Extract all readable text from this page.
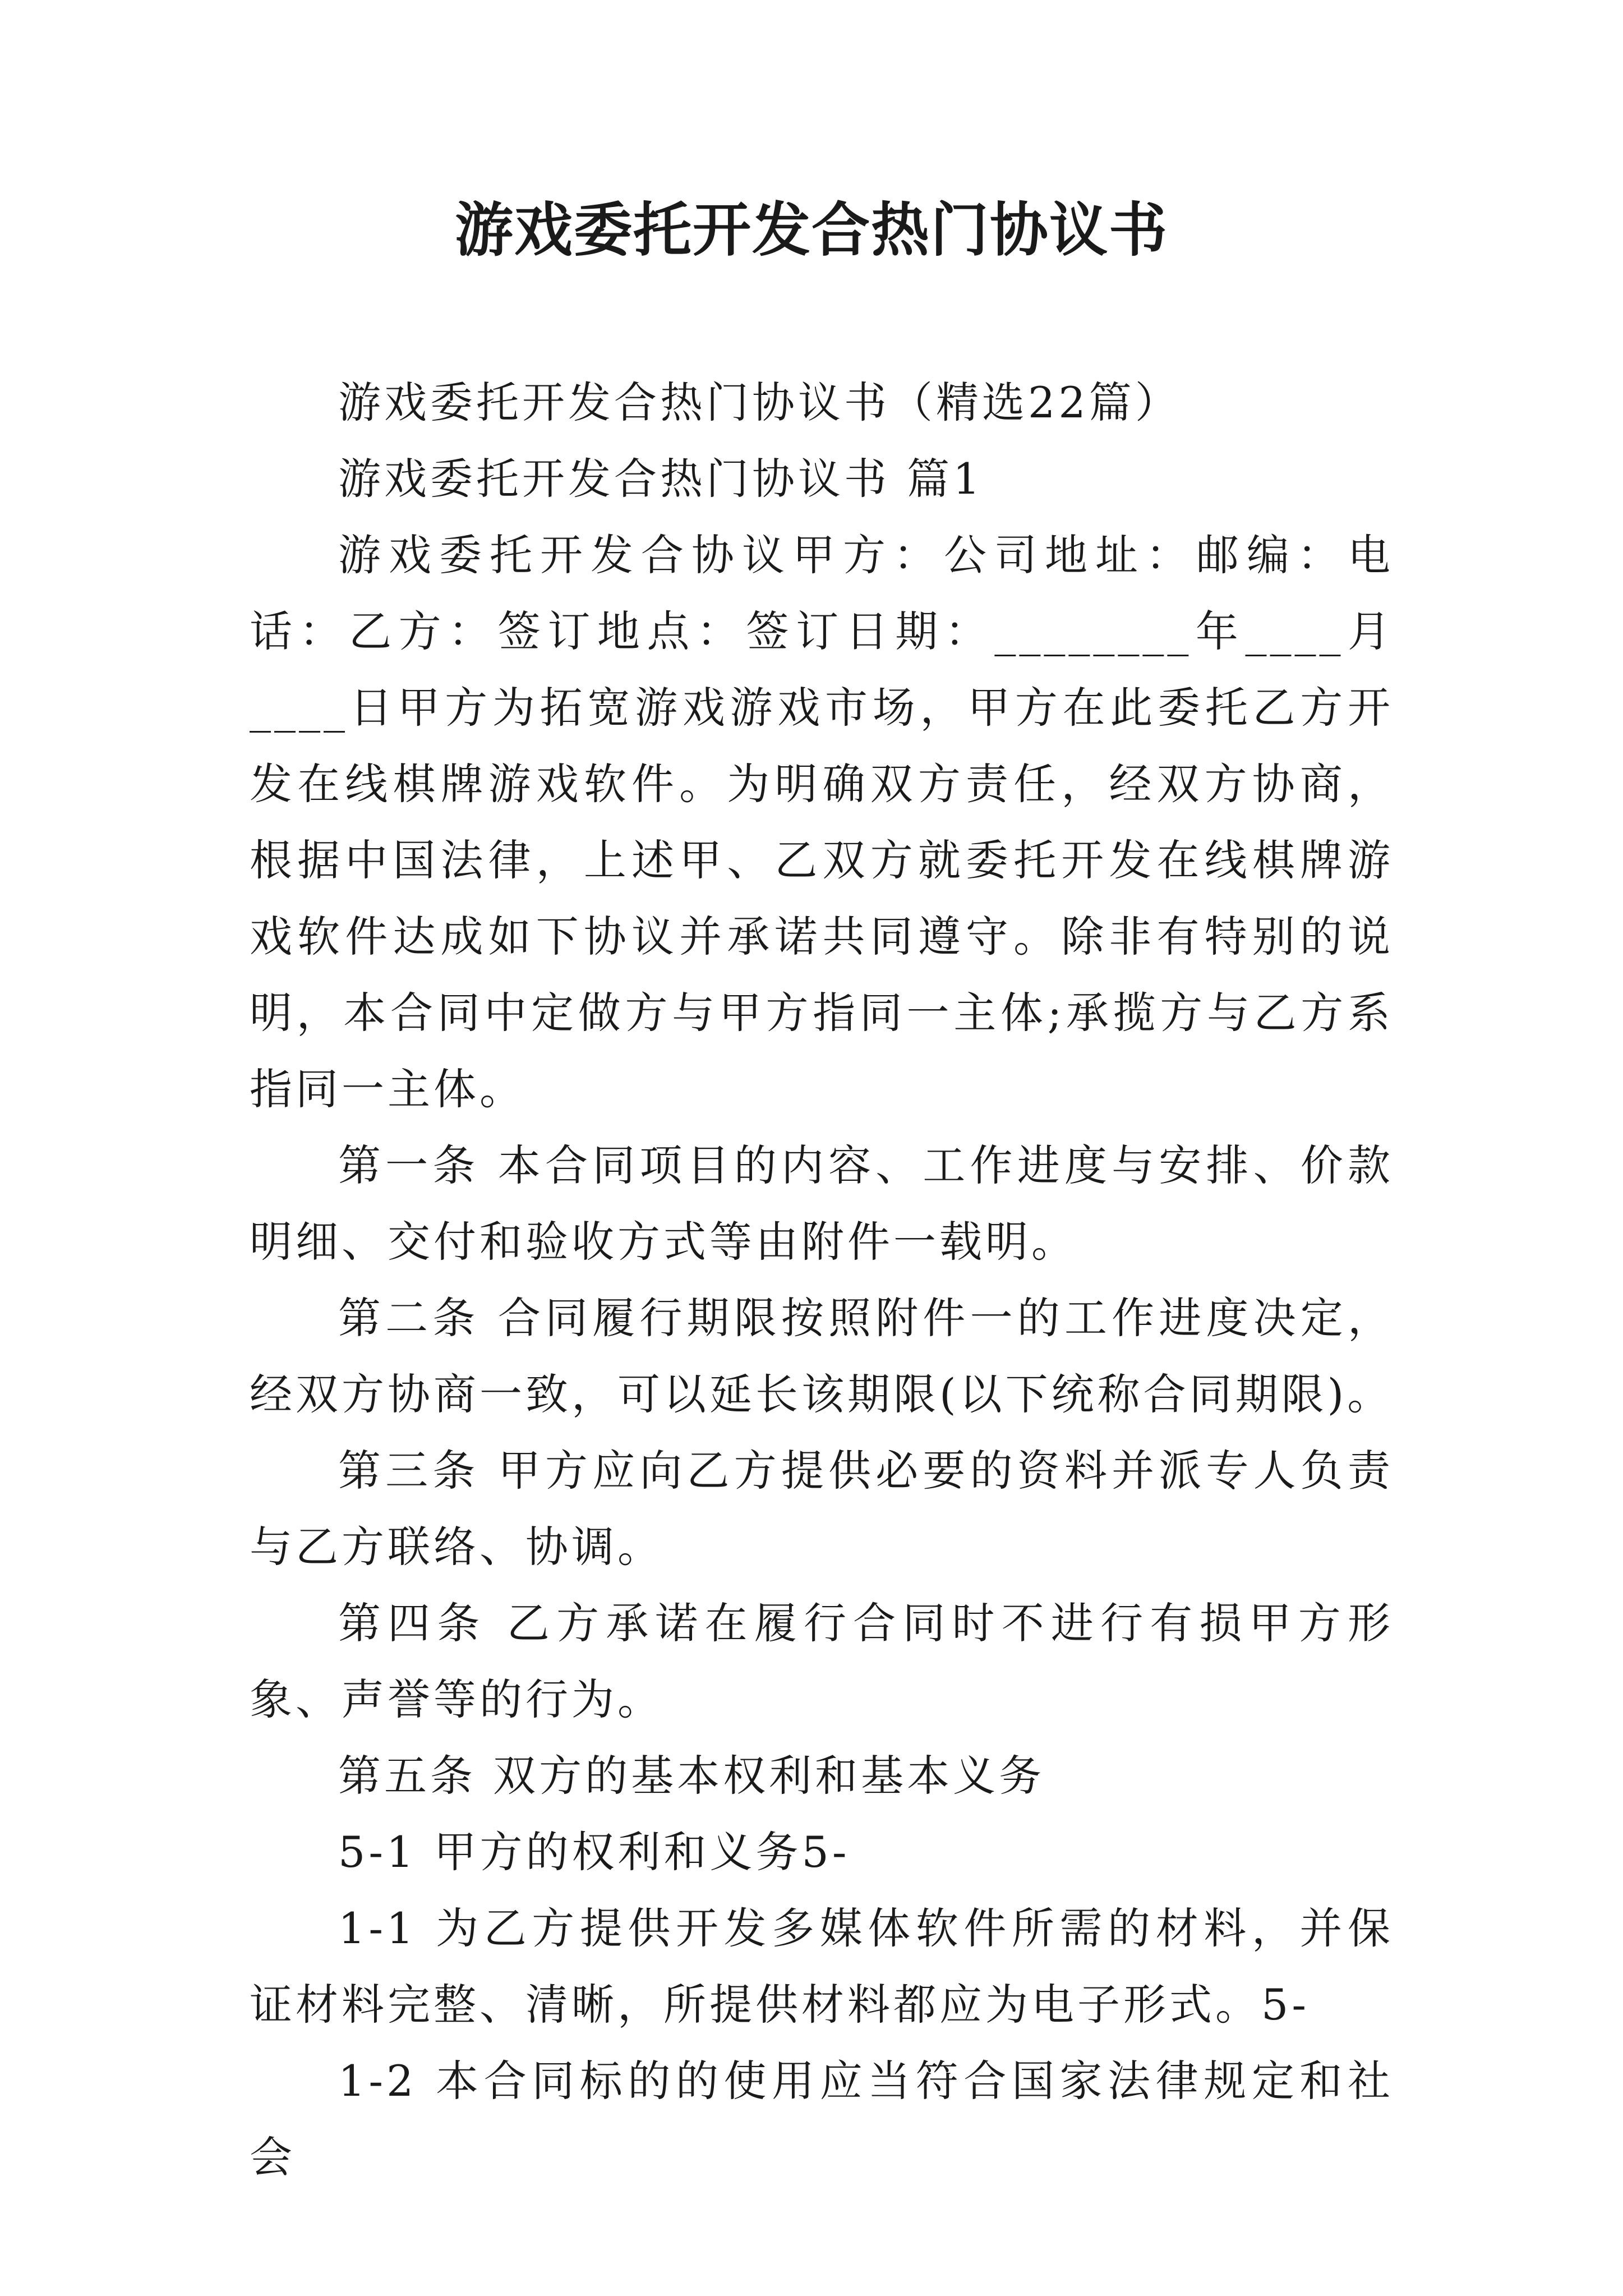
游戏委托开发合热门协议书

游戏委托开发合热门协议书（精选22篇）

游戏委托开发合热门协议书 篇1

游戏委托开发合协议甲方：公司地址：邮编：电话：乙方：签订地点：签订日期：________年____月____日甲方为拓宽游戏游戏市场，甲方在此委托乙方开发在线棋牌游戏软件。为明确双方责任，经双方协商，根据中国法律，上述甲、乙双方就委托开发在线棋牌游戏软件达成如下协议并承诺共同遵守。除非有特别的说明，本合同中定做方与甲方指同一主体;承揽方与乙方系指同一主体。

第一条 本合同项目的内容、工作进度与安排、价款明细、交付和验收方式等由附件一载明。

第二条 合同履行期限按照附件一的工作进度决定，经双方协商一致，可以延长该期限(以下统称合同期限)。

第三条 甲方应向乙方提供必要的资料并派专人负责与乙方联络、协调。

第四条 乙方承诺在履行合同时不进行有损甲方形象、声誉等的行为。

第五条 双方的基本权利和基本义务

5-1 甲方的权利和义务5-

1-1 为乙方提供开发多媒体软件所需的材料，并保证材料完整、清晰，所提供材料都应为电子形式。5-

1-2 本合同标的的使用应当符合国家法律规定和社会
